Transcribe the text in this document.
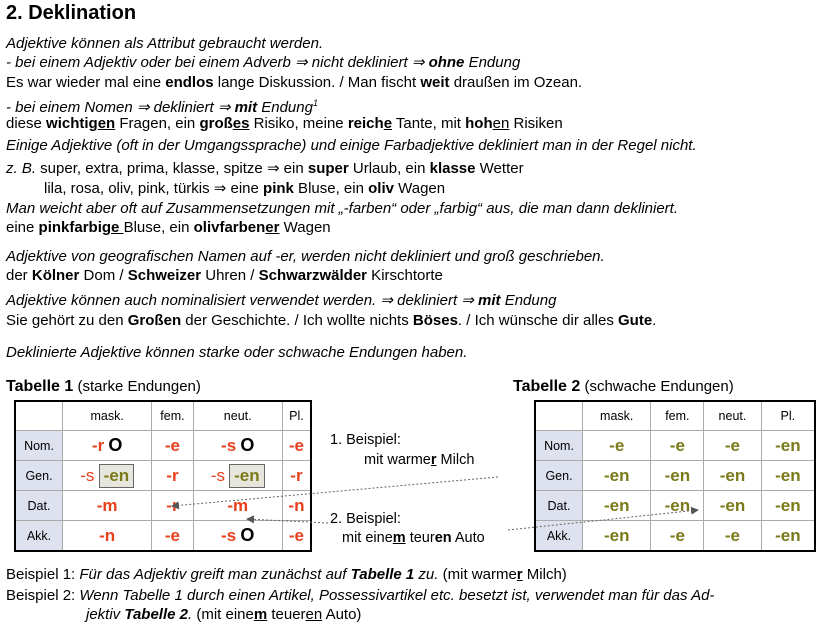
2. Deklination
Adjektive können als Attribut gebraucht werden.
- bei einem Adjektiv oder bei einem Adverb ⇒ nicht dekliniert ⇒ ohne Endung
Es war wieder mal eine endlos lange Diskussion. / Man fischt weit draußen im Ozean.
- bei einem Nomen ⇒ dekliniert ⇒ mit Endung$^1$
diese wichtigen Fragen, ein großes Risiko, meine reiche Tante, mit hohen Risiken
Einige Adjektive (oft in der Umgangssprache) und einige Farbadjektive dekliniert man in der Regel nicht.
z. B. super, extra, prima, klasse, spitze ⇒ ein super Urlaub, ein klasse Wetter
lila, rosa, oliv, pink, türkis ⇒ eine pink Bluse, ein oliv Wagen
Man weicht aber oft auf Zusammensetzungen mit „-farben“ oder „farbig“ aus, die man dann dekliniert.
eine pinkfarbige Bluse, ein olivfarbener Wagen
Adjektive von geografischen Namen auf -er, werden nicht dekliniert und groß geschrieben.
der Kölner Dom / Schweizer Uhren / Schwarzwälder Kirschtorte
Adjektive können auch nominalisiert verwendet werden. ⇒ dekliniert ⇒ mit Endung
Sie gehört zu den Großen der Geschichte. / Ich wollte nichts Böses. / Ich wünsche dir alles Gute.
Deklinierte Adjektive können starke oder schwache Endungen haben.
Tabelle 1 (starke Endungen)	Tabelle 2 (schwache Endungen)
	mask.	fem.	neut.	Pl.
Nom.	-r O	-e	-s O	-e
Gen.	-s -en	-r	-s -en	-r
Dat.	-m	-r	-m	-n
Akk.	-n	-e	-s O	-e
	mask.	fem.	neut.	Pl.
Nom.	-e	-e	-e	-en
Gen.	-en	-en	-en	-en
Dat.	-en	-en	-en	-en
Akk.	-en	-e	-e	-en
1. Beispiel:
mit warmer Milch
2. Beispiel:
mit einem teuren Auto
Beispiel 1: Für das Adjektiv greift man zunächst auf Tabelle 1 zu. (mit warmer Milch)
Beispiel 2: Wenn Tabelle 1 durch einen Artikel, Possessivartikel etc. besetzt ist, verwendet man für das Ad-
jektiv Tabelle 2. (mit einem teueren Auto)
